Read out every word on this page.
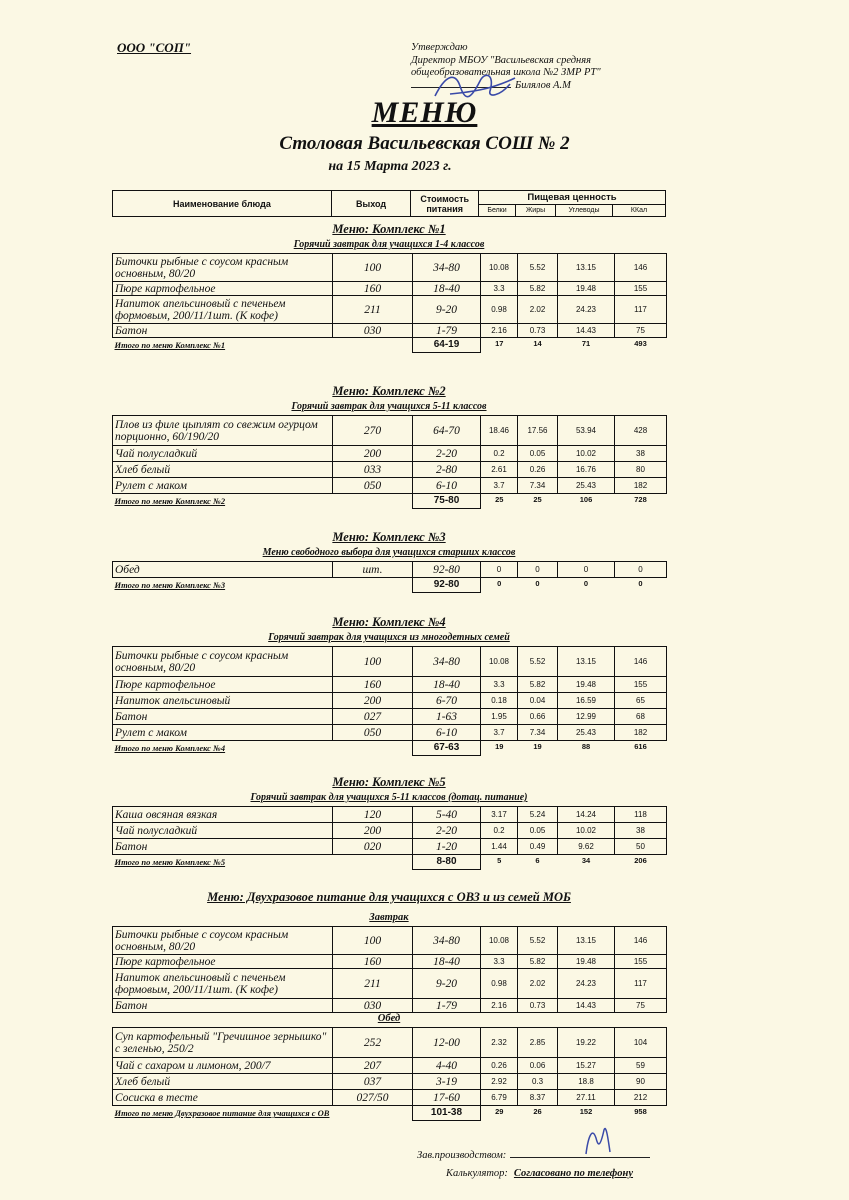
ООО "СОП"	Утверждаю
Директор МБОУ "Васильевская средняя
общеобразовательная школа №2 ЗМР РТ"
Билялов А.М
МЕНЮ
Столовая Васильевская СОШ № 2
на 15 Марта 2023 г.
Наименование блюда	Выход	Стоимость
питания
Пищевая ценность
Белки	Жиры	Углеводы	ККал
Меню: Комплекс №1
Горячий завтрак для учащихся 1-4 классов
Биточки рыбные с соусом красным основным, 80/20	100	34-80	10.08	5.52	13.15	146
Пюре картофельное	160	18-40	3.3	5.82	19.48	155
Напиток апельсиновый с печеньем формовым, 200/11/1шт. (К кофе)	211	9-20	0.98	2.02	24.23	117
Батон	030	1-79	2.16	0.73	14.43	75
Итого по меню Комплекс №1		64-19	17	14	71	493
Меню: Комплекс №2
Горячий завтрак для учащихся 5-11 классов
Плов из филе цыплят со свежим огурцом порционно, 60/190/20	270	64-70	18.46	17.56	53.94	428
Чай полусладкий	200	2-20	0.2	0.05	10.02	38
Хлеб белый	033	2-80	2.61	0.26	16.76	80
Рулет с маком	050	6-10	3.7	7.34	25.43	182
Итого по меню Комплекс №2		75-80	25	25	106	728
Меню: Комплекс №3
Меню свободного выбора для учащихся старших классов
Обед	шт.	92-80	0	0	0	0
Итого по меню Комплекс №3		92-80	0	0	0	0
Меню: Комплекс №4
Горячий завтрак для учащихся из многодетных семей
Биточки рыбные с соусом красным основным, 80/20	100	34-80	10.08	5.52	13.15	146
Пюре картофельное	160	18-40	3.3	5.82	19.48	155
Напиток апельсиновый	200	6-70	0.18	0.04	16.59	65
Батон	027	1-63	1.95	0.66	12.99	68
Рулет с маком	050	6-10	3.7	7.34	25.43	182
Итого по меню Комплекс №4		67-63	19	19	88	616
Меню: Комплекс №5
Горячий завтрак для учащихся 5-11 классов (дотац. питание)
Каша овсяная вязкая	120	5-40	3.17	5.24	14.24	118
Чай полусладкий	200	2-20	0.2	0.05	10.02	38
Батон	020	1-20	1.44	0.49	9.62	50
Итого по меню Комплекс №5		8-80	5	6	34	206
Меню: Двухразовое питание для учащихся с ОВЗ и из семей МОБ
Завтрак
Биточки рыбные с соусом красным основным, 80/20	100	34-80	10.08	5.52	13.15	146
Пюре картофельное	160	18-40	3.3	5.82	19.48	155
Напиток апельсиновый с печеньем формовым, 200/11/1шт. (К кофе)	211	9-20	0.98	2.02	24.23	117
Батон	030	1-79	2.16	0.73	14.43	75
Обед
Суп картофельный "Гречишное зернышко" с зеленью, 250/2	252	12-00	2.32	2.85	19.22	104
Чай с сахаром и лимоном, 200/7	207	4-40	0.26	0.06	15.27	59
Хлеб белый	037	3-19	2.92	0.3	18.8	90
Сосиска в тесте	027/50	17-60	6.79	8.37	27.11	212
Итого по меню Двухразовое питание для учащихся с ОВ		101-38	29	26	152	958
Зав.производством:
Калькулятор: Согласовано по телефону
